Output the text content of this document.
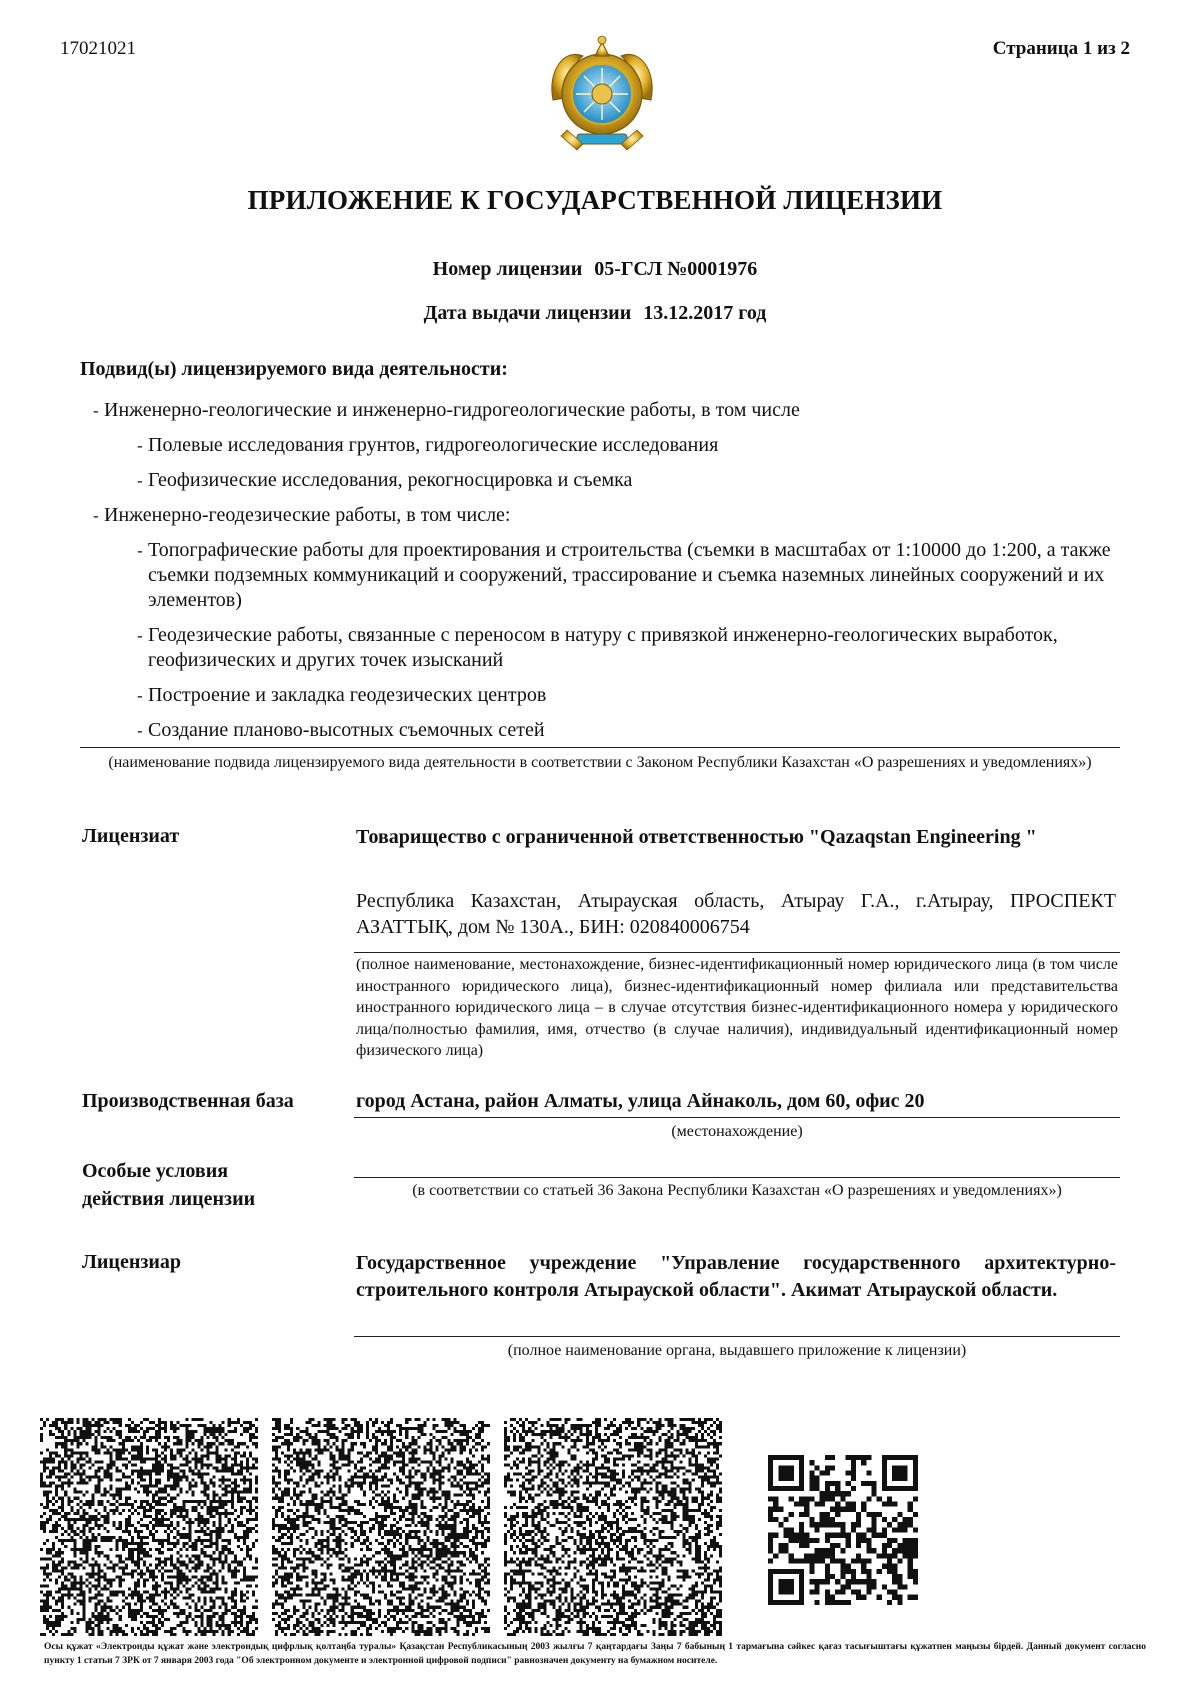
17021021	Страница 1 из 2
ПРИЛОЖЕНИЕ К ГОСУДАРСТВЕННОЙ ЛИЦЕНЗИИ
Номер лицензии 05-ГСЛ №0001976
Дата выдачи лицензии 13.12.2017 год
Подвид(ы) лицензируемого вида деятельности:
- Инженерно-геологические и инженерно-гидрогеологические работы, в том числе
- Полевые исследования грунтов, гидрогеологические исследования
- Геофизические исследования, рекогносцировка и съемка
- Инженерно-геодезические работы, в том числе:
- Топографические работы для проектирования и строительства (съемки в масштабах от 1:10000 до 1:200, а также съемки подземных коммуникаций и сооружений, трассирование и съемка наземных линейных сооружений и их элементов)
- Геодезические работы, связанные с переносом в натуру с привязкой инженерно-геологических выработок, геофизических и других точек изысканий
- Построение и закладка геодезических центров
- Создание планово-высотных съемочных сетей
(наименование подвида лицензируемого вида деятельности в соответствии с Законом Республики Казахстан «О разрешениях и уведомлениях»)
Лицензиат	Товарищество с ограниченной ответственностью "Qazaqstan Engineering "
Республика Казахстан, Атырауская область, Атырау Г.А., г.Атырау, ПРОСПЕКТ АЗАТТЫҚ, дом № 130А., БИН: 020840006754
(полное наименование, местонахождение, бизнес-идентификационный номер юридического лица (в том числе иностранного юридического лица), бизнес-идентификационный номер филиала или представительства иностранного юридического лица – в случае отсутствия бизнес-идентификационного номера у юридического лица/полностью фамилия, имя, отчество (в случае наличия), индивидуальный идентификационный номер физического лица)
Производственная база	город Астана, район Алматы, улица Айнаколь, дом 60, офис 20
(местонахождение)
Особые условия
действия лицензии	(в соответствии со статьей 36 Закона Республики Казахстан «О разрешениях и уведомлениях»)
Лицензиар	Государственное учреждение "Управление государственного архитектурно-строительного контроля Атырауской области". Акимат Атырауской области.
(полное наименование органа, выдавшего приложение к лицензии)
Осы құжат «Электронды құжат және электрондық цифрлық қолтаңба туралы» Қазақстан Республикасының 2003 жылғы 7 қаңтардағы Заңы 7 бабының 1 тармағына сәйкес қағаз тасығыштағы құжатпен маңызы бірдей. Данный документ согласно пункту 1 статьи 7 ЗРК от 7 января 2003 года "Об электронном документе и электронной цифровой подписи" равнозначен документу на бумажном носителе.
